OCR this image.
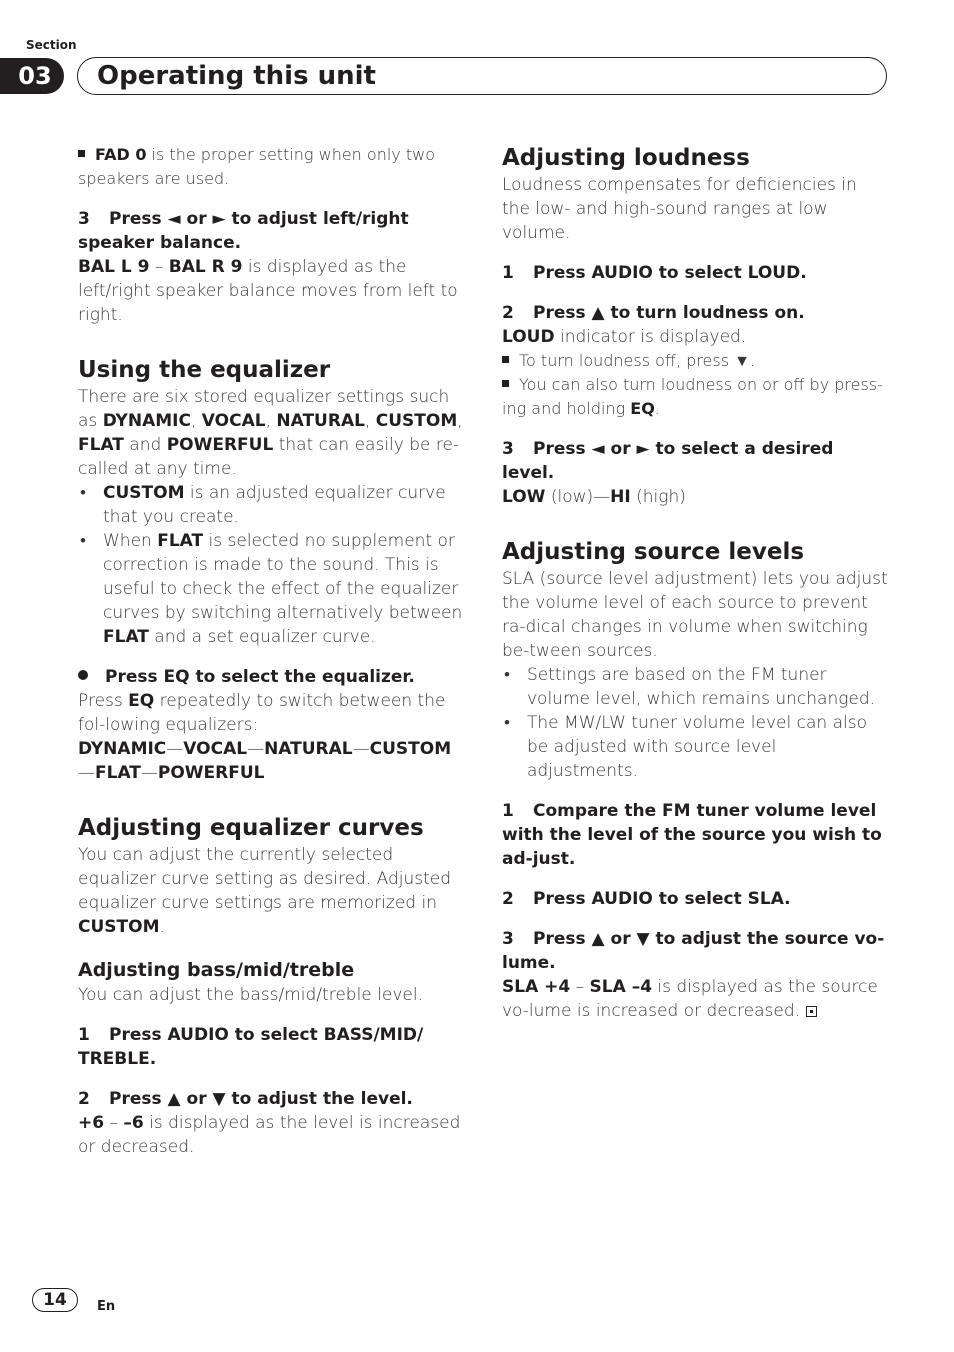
Section
03	Operating this unit

FAD 0 is the proper setting when only two speakers are used.

3 Press ◄ or ► to adjust left/right speaker balance.

BAL L 9 – BAL R 9 is displayed as the left/right speaker balance moves from left to right.

Using the equalizer

There are six stored equalizer settings such as DYNAMIC, VOCAL, NATURAL, CUSTOM, FLAT and POWERFUL that can easily be re-called at any time.

• CUSTOM is an adjusted equalizer curve that you create.

• When FLAT is selected no supplement or correction is made to the sound. This is useful to check the effect of the equalizer curves by switching alternatively between FLAT and a set equalizer curve.

Press EQ to select the equalizer.

Press EQ repeatedly to switch between the fol-lowing equalizers:

DYNAMIC—VOCAL—NATURAL—CUSTOM
—FLAT—POWERFUL

Adjusting equalizer curves

You can adjust the currently selected equalizer curve setting as desired. Adjusted equalizer curve settings are memorized in CUSTOM.

Adjusting bass/mid/treble

You can adjust the bass/mid/treble level.

1 Press AUDIO to select BASS/MID/ TREBLE.

2 Press ▲ or ▼ to adjust the level.

+6 – –6 is displayed as the level is increased or decreased.

Adjusting loudness

Loudness compensates for deficiencies in the low- and high-sound ranges at low volume.

1 Press AUDIO to select LOUD.

2 Press ▲ to turn loudness on.

LOUD indicator is displayed.

To turn loudness off, press ▼.

You can also turn loudness on or off by press-ing and holding EQ.

3 Press ◄ or ► to select a desired level.

LOW (low)—HI (high)

Adjusting source levels

SLA (source level adjustment) lets you adjust the volume level of each source to prevent ra-dical changes in volume when switching be-tween sources.

• Settings are based on the FM tuner volume level, which remains unchanged.

• The MW/LW tuner volume level can also be adjusted with source level adjustments.

1 Compare the FM tuner volume level with the level of the source you wish to ad-just.

2 Press AUDIO to select SLA.

3 Press ▲ or ▼ to adjust the source vo-lume.

SLA +4 – SLA –4 is displayed as the source vo-lume is increased or decreased.

14	En
